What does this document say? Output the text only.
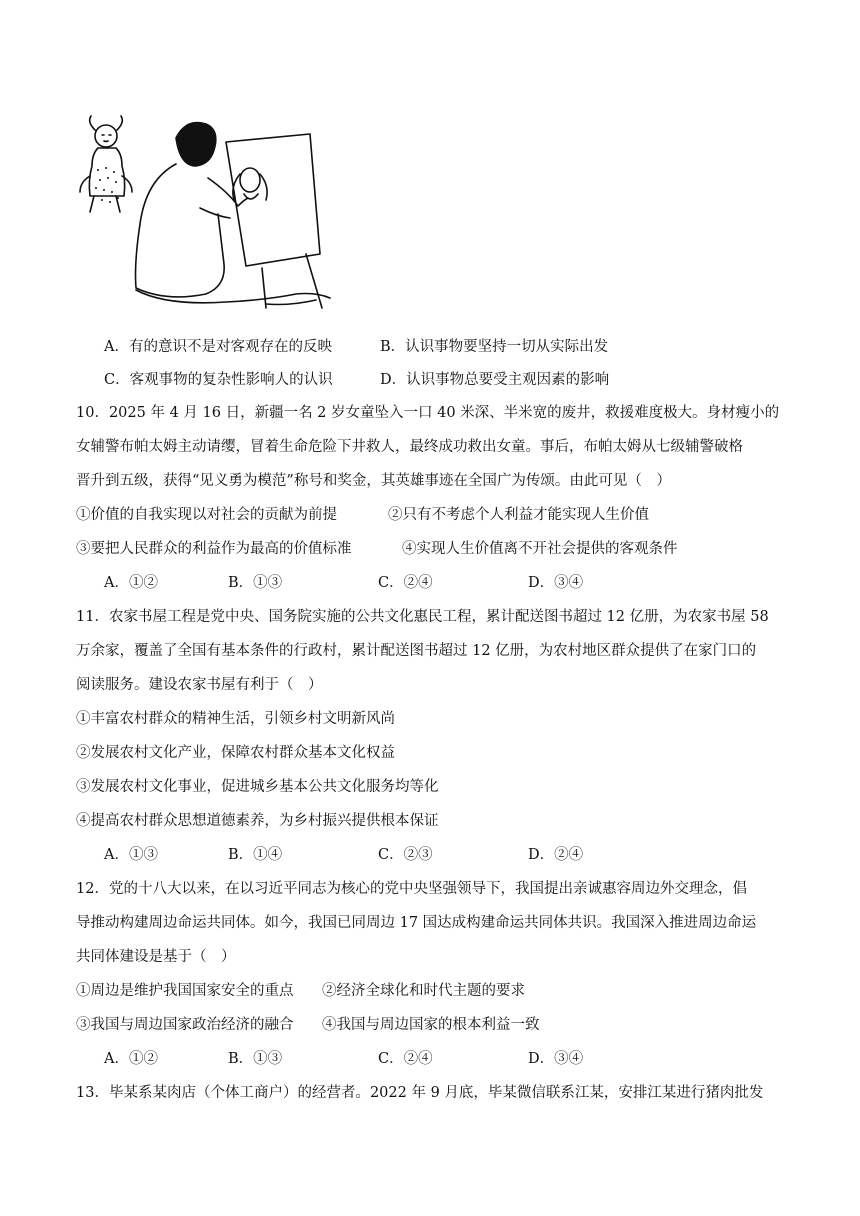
A．有的意识不是对客观存在的反映	B．认识事物要坚持一切从实际出发
C．客观事物的复杂性影响人的认识	D．认识事物总要受主观因素的影响
10．2025 年 4 月 16 日，新疆一名 2 岁女童坠入一口 40 米深、半米宽的废井，救援难度极大。身材瘦小的
女辅警布帕太姆主动请缨，冒着生命危险下井救人，最终成功救出女童。事后，布帕太姆从七级辅警破格
晋升到五级，获得“见义勇为模范”称号和奖金，其英雄事迹在全国广为传颂。由此可见（　）
①价值的自我实现以对社会的贡献为前提	②只有不考虑个人利益才能实现人生价值
③要把人民群众的利益作为最高的价值标准	④实现人生价值离不开社会提供的客观条件
A．①②	B．①③	C．②④	D．③④
11．农家书屋工程是党中央、国务院实施的公共文化惠民工程，累计配送图书超过 12 亿册，为农家书屋 58
万余家，覆盖了全国有基本条件的行政村，累计配送图书超过 12 亿册，为农村地区群众提供了在家门口的
阅读服务。建设农家书屋有利于（　）
①丰富农村群众的精神生活，引领乡村文明新风尚
②发展农村文化产业，保障农村群众基本文化权益
③发展农村文化事业，促进城乡基本公共文化服务均等化
④提高农村群众思想道德素养，为乡村振兴提供根本保证
A．①③	B．①④	C．②③	D．②④
12．党的十八大以来，在以习近平同志为核心的党中央坚强领导下，我国提出亲诚惠容周边外交理念，倡
导推动构建周边命运共同体。如今，我国已同周边 17 国达成构建命运共同体共识。我国深入推进周边命运
共同体建设是基于（　）
①周边是维护我国国家安全的重点 ②经济全球化和时代主题的要求
③我国与周边国家政治经济的融合 ④我国与周边国家的根本利益一致
A．①②	B．①③	C．②④	D．③④
13．毕某系某肉店（个体工商户）的经营者。2022 年 9 月底，毕某微信联系江某，安排江某进行猪肉批发
